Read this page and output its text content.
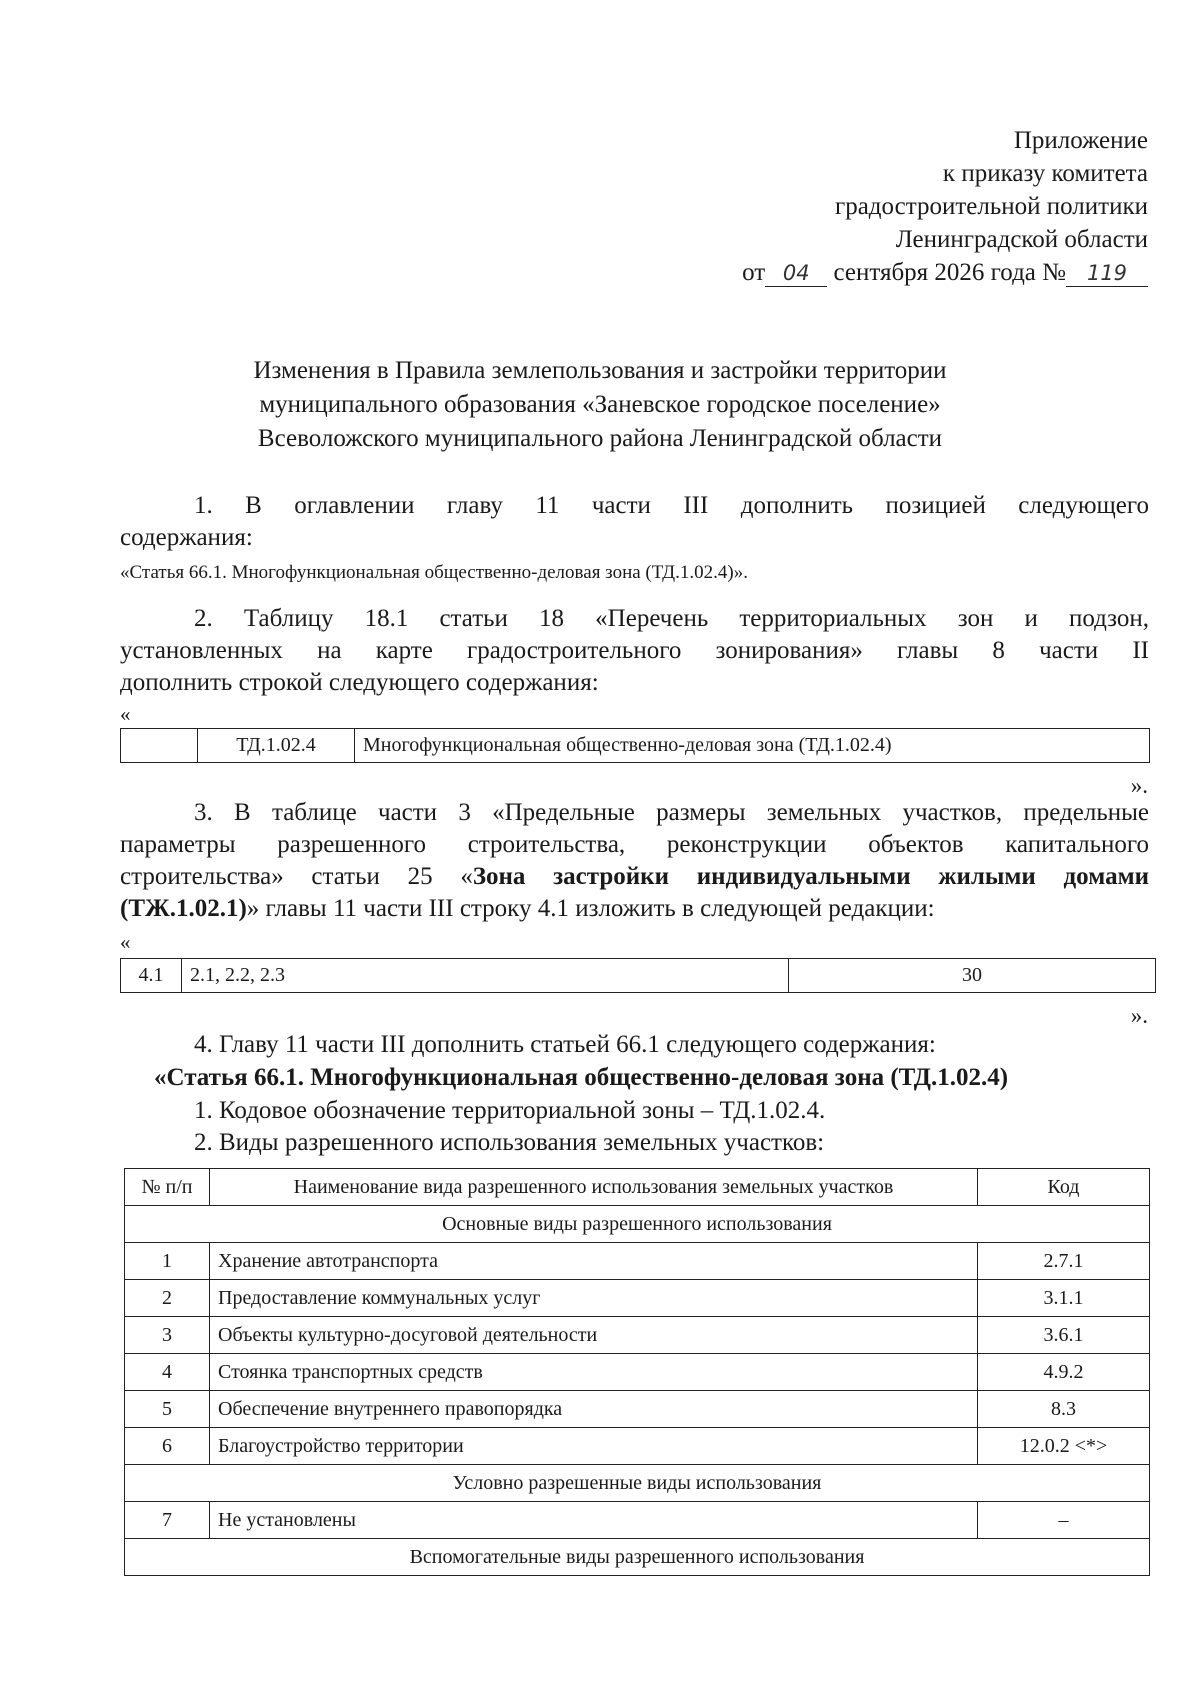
Приложение
к приказу комитета
градостроительной политики
Ленинградской области
от 04 сентября 2026 года № 119
Изменения в Правила землепользования и застройки территории
муниципального образования «Заневское городское поселение»
Всеволожского муниципального района Ленинградской области
1. В оглавлении главу 11 части III дополнить позицией следующего
содержания:
«Статья 66.1. Многофункциональная общественно-деловая зона (ТД.1.02.4)».
2. Таблицу 18.1 статьи 18 «Перечень территориальных зон и подзон,
установленных на карте градостроительного зонирования» главы 8 части II
дополнить строкой следующего содержания:
«
	ТД.1.02.4	Многофункциональная общественно-деловая зона (ТД.1.02.4)
».
3. В таблице части 3 «Предельные размеры земельных участков, предельные
параметры разрешенного строительства, реконструкции объектов капитального
строительства» статьи 25 «Зона застройки индивидуальными жилыми домами
(ТЖ.1.02.1)» главы 11 части III строку 4.1 изложить в следующей редакции:
«
4.1	2.1, 2.2, 2.3	30
».
4. Главу 11 части III дополнить статьей 66.1 следующего содержания:
«Статья 66.1. Многофункциональная общественно-деловая зона (ТД.1.02.4)
1. Кодовое обозначение территориальной зоны – ТД.1.02.4.
2. Виды разрешенного использования земельных участков:
№ п/п	Наименование вида разрешенного использования земельных участков	Код
Основные виды разрешенного использования		
1	Хранение автотранспорта	2.7.1
2	Предоставление коммунальных услуг	3.1.1
3	Объекты культурно-досуговой деятельности	3.6.1
4	Стоянка транспортных средств	4.9.2
5	Обеспечение внутреннего правопорядка	8.3
6	Благоустройство территории	12.0.2 <*>
Условно разрешенные виды использования		
7	Не установлены	–
Вспомогательные виды разрешенного использования		
